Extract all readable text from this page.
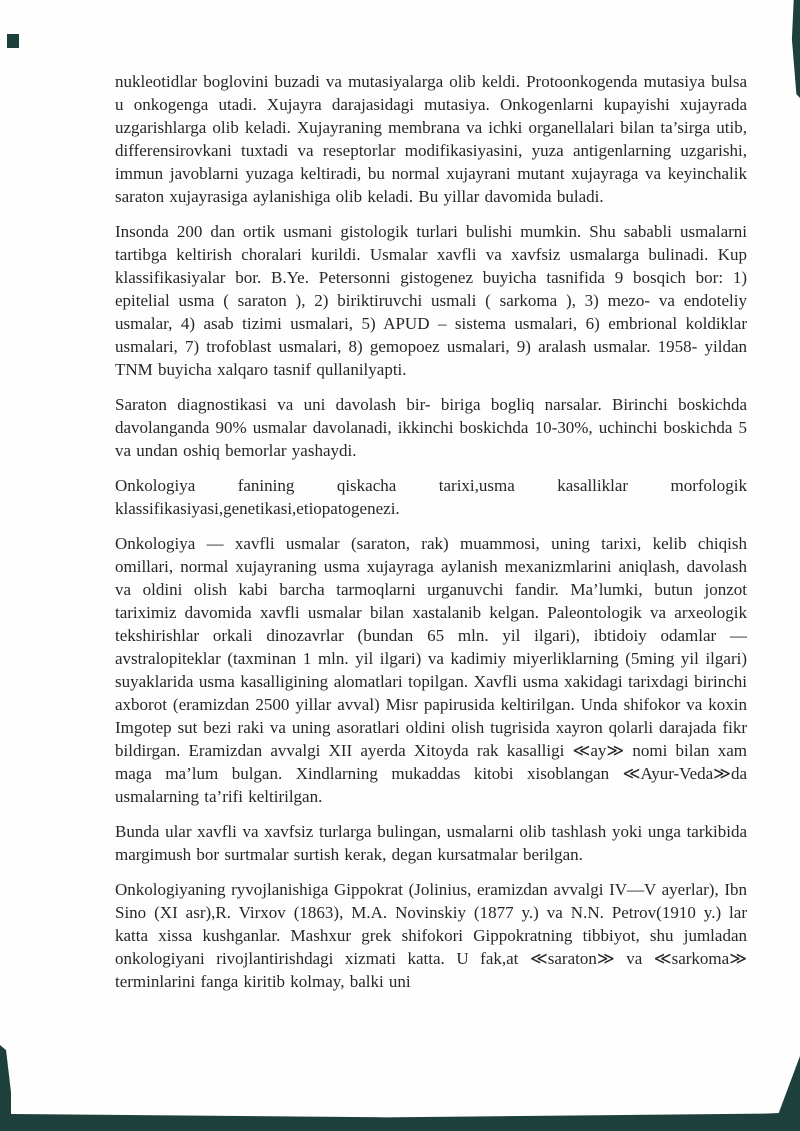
nukleotidlar boglovini buzadi va mutasiyalarga olib keldi. Protoonkogenda mutasiya bulsa u onkogenga utadi. Xujayra darajasidagi mutasiya. Onkogenlarni kupayishi xujayrada uzgarishlarga olib keladi. Xujayraning membrana va ichki organellalari bilan ta’sirga utib, differensirovkani tuxtadi va reseptorlar modifikasiyasini, yuza antigenlarning uzgarishi, immun javoblarni yuzaga keltiradi, bu normal xujayrani mutant xujayraga va keyinchalik saraton xujayrasiga aylanishiga olib keladi. Bu yillar davomida buladi.

Insonda 200 dan ortik usmani gistologik turlari bulishi mumkin. Shu sababli usmalarni tartibga keltirish choralari kurildi. Usmalar xavfli va xavfsiz usmalarga bulinadi. Kup klassifikasiyalar bor. B.Ye. Petersonni gistogenez buyicha tasnifida 9 bosqich bor: 1) epitelial usma ( saraton ), 2) biriktiruvchi usmali ( sarkoma ), 3) mezo- va endoteliy usmalar, 4) asab tizimi usmalari, 5) APUD – sistema usmalari, 6) embrional koldiklar usmalari, 7) trofoblast usmalari, 8) gemopoez usmalari, 9) aralash usmalar. 1958- yildan TNM buyicha xalqaro tasnif qullanilyapti.

Saraton diagnostikasi va uni davolash bir- biriga bogliq narsalar. Birinchi boskichda davolanganda 90% usmalar davolanadi, ikkinchi boskichda 10-30%, uchinchi boskichda 5 va undan oshiq bemorlar yashaydi.

Onkologiya fanining qiskacha tarixi,usma kasalliklar morfologik klassifikasiyasi,genetikasi,etiopatogenezi.

Onkologiya — xavfli usmalar (saraton, rak) muammosi, uning tarixi, kelib chiqish omillari, normal xujayraning usma xujayraga aylanish mexanizmlarini aniqlash, davolash va oldini olish kabi barcha tarmoqlarni urganuvchi fandir. Ma’lumki, butun jonzot tariximiz davomida xavfli usmalar bilan xastalanib kelgan. Paleontologik va arxeologik tekshirishlar orkali dinozavrlar (bundan 65 mln. yil ilgari), ibtidoiy odamlar — avstralopiteklar (taxminan 1 mln. yil ilgari) va kadimiy miyerliklarning (5ming yil ilgari) suyaklarida usma kasalligining alomatlari topilgan. Xavfli usma xakidagi tarixdagi birinchi axborot (eramizdan 2500 yillar avval) Misr papirusida keltirilgan. Unda shifokor va koxin Imgotep sut bezi raki va uning asoratlari oldini olish tugrisida xayron qolarli darajada fikr bildirgan. Eramizdan avvalgi XII ayerda Xitoyda rak kasalligi ≪ay≫ nomi bilan xam maga ma’lum bulgan. Xindlarning mukaddas kitobi xisoblangan ≪Ayur-Veda≫da usmalarning ta’rifi keltirilgan.

Bunda ular xavfli va xavfsiz turlarga bulingan, usmalarni olib tashlash yoki unga tarkibida margimush bor surtmalar surtish kerak, degan kursatmalar berilgan.

Onkologiyaning ryvojlanishiga Gippokrat (Jolinius, eramizdan avvalgi IV—V ayerlar), Ibn Sino (XI asr),R. Virxov (1863), M.A. Novinskiy (1877 y.) va N.N. Petrov(1910 y.) lar katta xissa kushganlar. Mashxur grek shifokori Gippokratning tibbiyot, shu jumladan onkologiyani rivojlantirishdagi xizmati katta. U fak,at ≪saraton≫ va ≪sarkoma≫ terminlarini fanga kiritib kolmay, balki uni
